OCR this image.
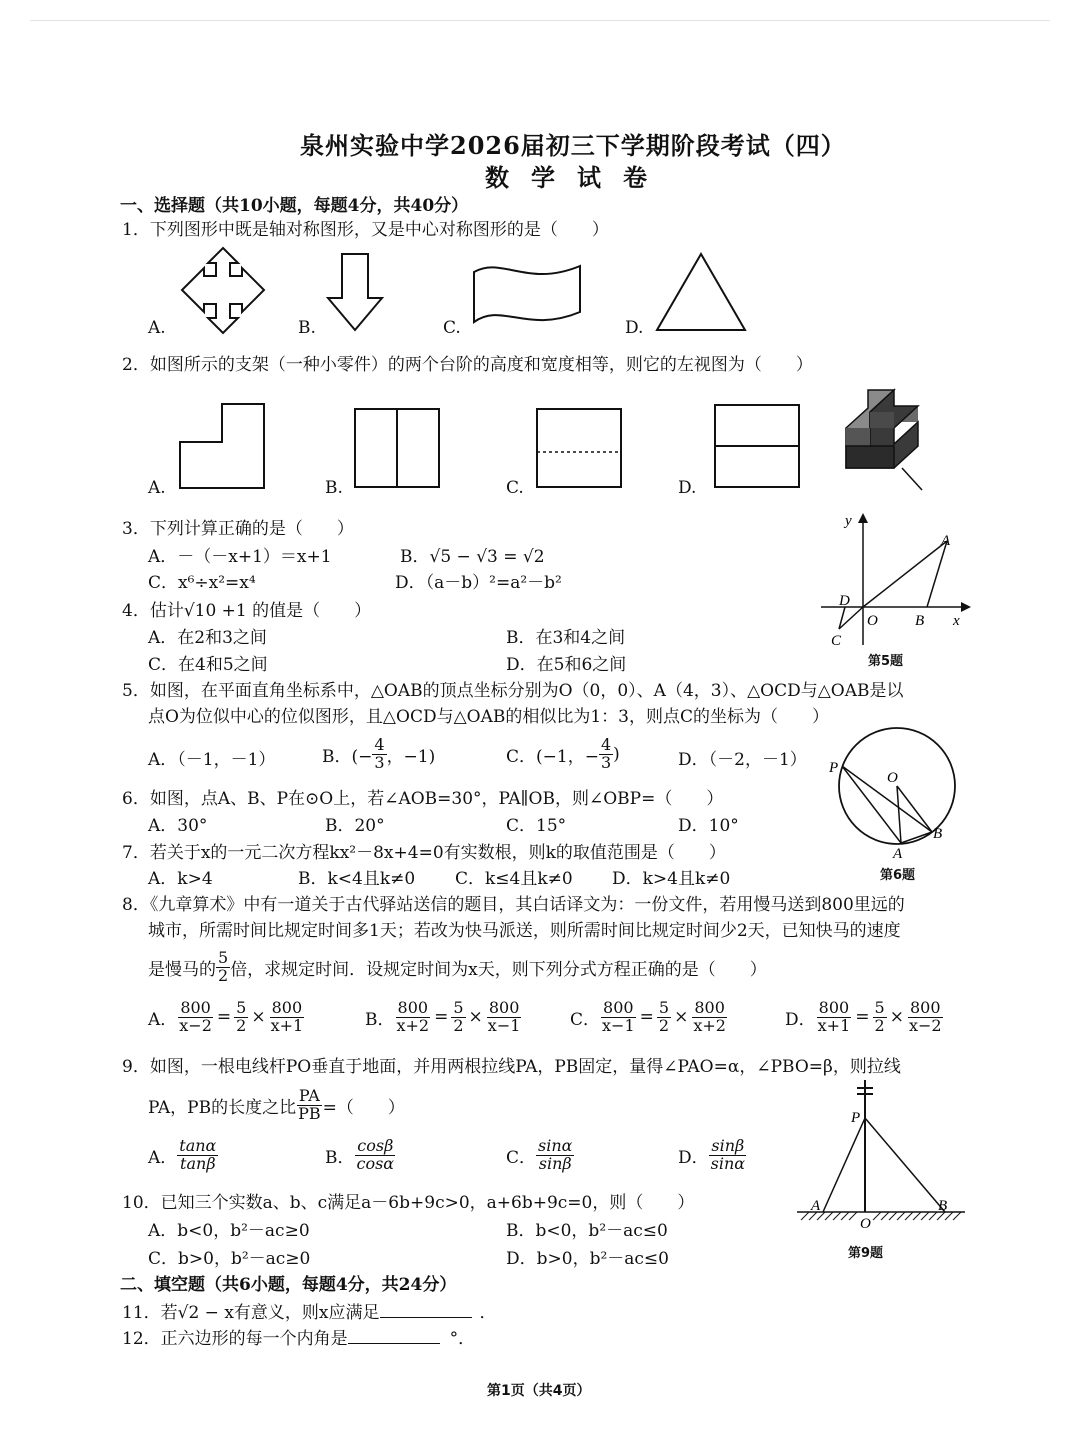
泉州实验中学2026届初三下学期阶段考试（四）
数学试卷
一、选择题（共10小题，每题4分，共40分）
1．下列图形中既是轴对称图形，又是中心对称图形的是（　　）
A.	B.	C.	D.
2．如图所示的支架（一种小零件）的两个台阶的高度和宽度相等，则它的左视图为（　　）
A.	B.	C.	D.
3．下列计算正确的是（　　）
A．－（－x+1）＝x+1	B．√5 − √3 = √2
C．x⁶÷x²=x⁴	D．（a－b）²=a²－b²
4．估计√10 +1 的值是（　　）
A．在2和3之间	B．在3和4之间
C．在4和5之间	D．在5和6之间
y
x
A
B
C
D
O
第5题
5．如图，在平面直角坐标系中，△OAB的顶点坐标分别为O（0，0）、A（4，3）、△OCD与△OAB是以
点O为位似中心的位似图形，且△OCD与△OAB的相似比为1：3，则点C的坐标为（　　）
A．（－1，－1）	B．(− $\frac{4}{3}$ ，−1)	C．(−1，− $\frac{4}{3}$ )	D．（－2，－1） P
O
A
B
第6题
6．如图，点A、B、P在⊙O上，若∠AOB=30°，PA∥OB，则∠OBP=（　　）
A．30°	B．20°	C．15°	D．10°
7．若关于x的一元二次方程kx²－8x+4=0有实数根，则k的取值范围是（　　）
A．k>4	B．k<4且k≠0 C．k≤4且k≠0 D．k>4且k≠0
8．《九章算术》中有一道关于古代驿站送信的题目，其白话译文为：一份文件，若用慢马送到800里远的
城市，所需时间比规定时间多1天；若改为快马派送，则所需时间比规定时间少2天，已知快马的速度
是慢马的 $\frac{5}{2}$ 倍，求规定时间．设规定时间为x天，则下列分式方程正确的是（　　）
A． $\frac{800}{x-2} = \frac{5}{2} \times \frac{800}{x+1}$	B． $\frac{800}{x+2} = \frac{5}{2} \times \frac{800}{x-1}$	C． $\frac{800}{x-1} = \frac{5}{2} \times \frac{800}{x+2}$	D． $\frac{800}{x+1} = \frac{5}{2} \times \frac{800}{x-2}$
9．如图，一根电线杆PO垂直于地面，并用两根拉线PA，PB固定，量得∠PAO=α，∠PBO=β，则拉线
PA，PB的长度之比 $\frac{PA}{PB}$ =（　　）
A． $\frac{\tan\alpha}{\tan\beta}$	B． $\frac{\cos\beta}{\cos\alpha}$	C． $\frac{\sin\alpha}{\sin\beta}$	D． $\frac{\sin\beta}{\sin\alpha}$
P
A
O
B
第9题
10．已知三个实数a、b、c满足a－6b+9c>0，a+6b+9c=0，则（　　）
A．b<0，b²－ac≥0	B．b<0，b²－ac≤0
C．b>0，b²－ac≥0	D．b>0，b²－ac≤0
二、填空题（共6小题，每题4分，共24分）
11．若√2 − x有意义，则x应满足	．
12．正六边形的每一个内角是	°．
第1页（共4页）
